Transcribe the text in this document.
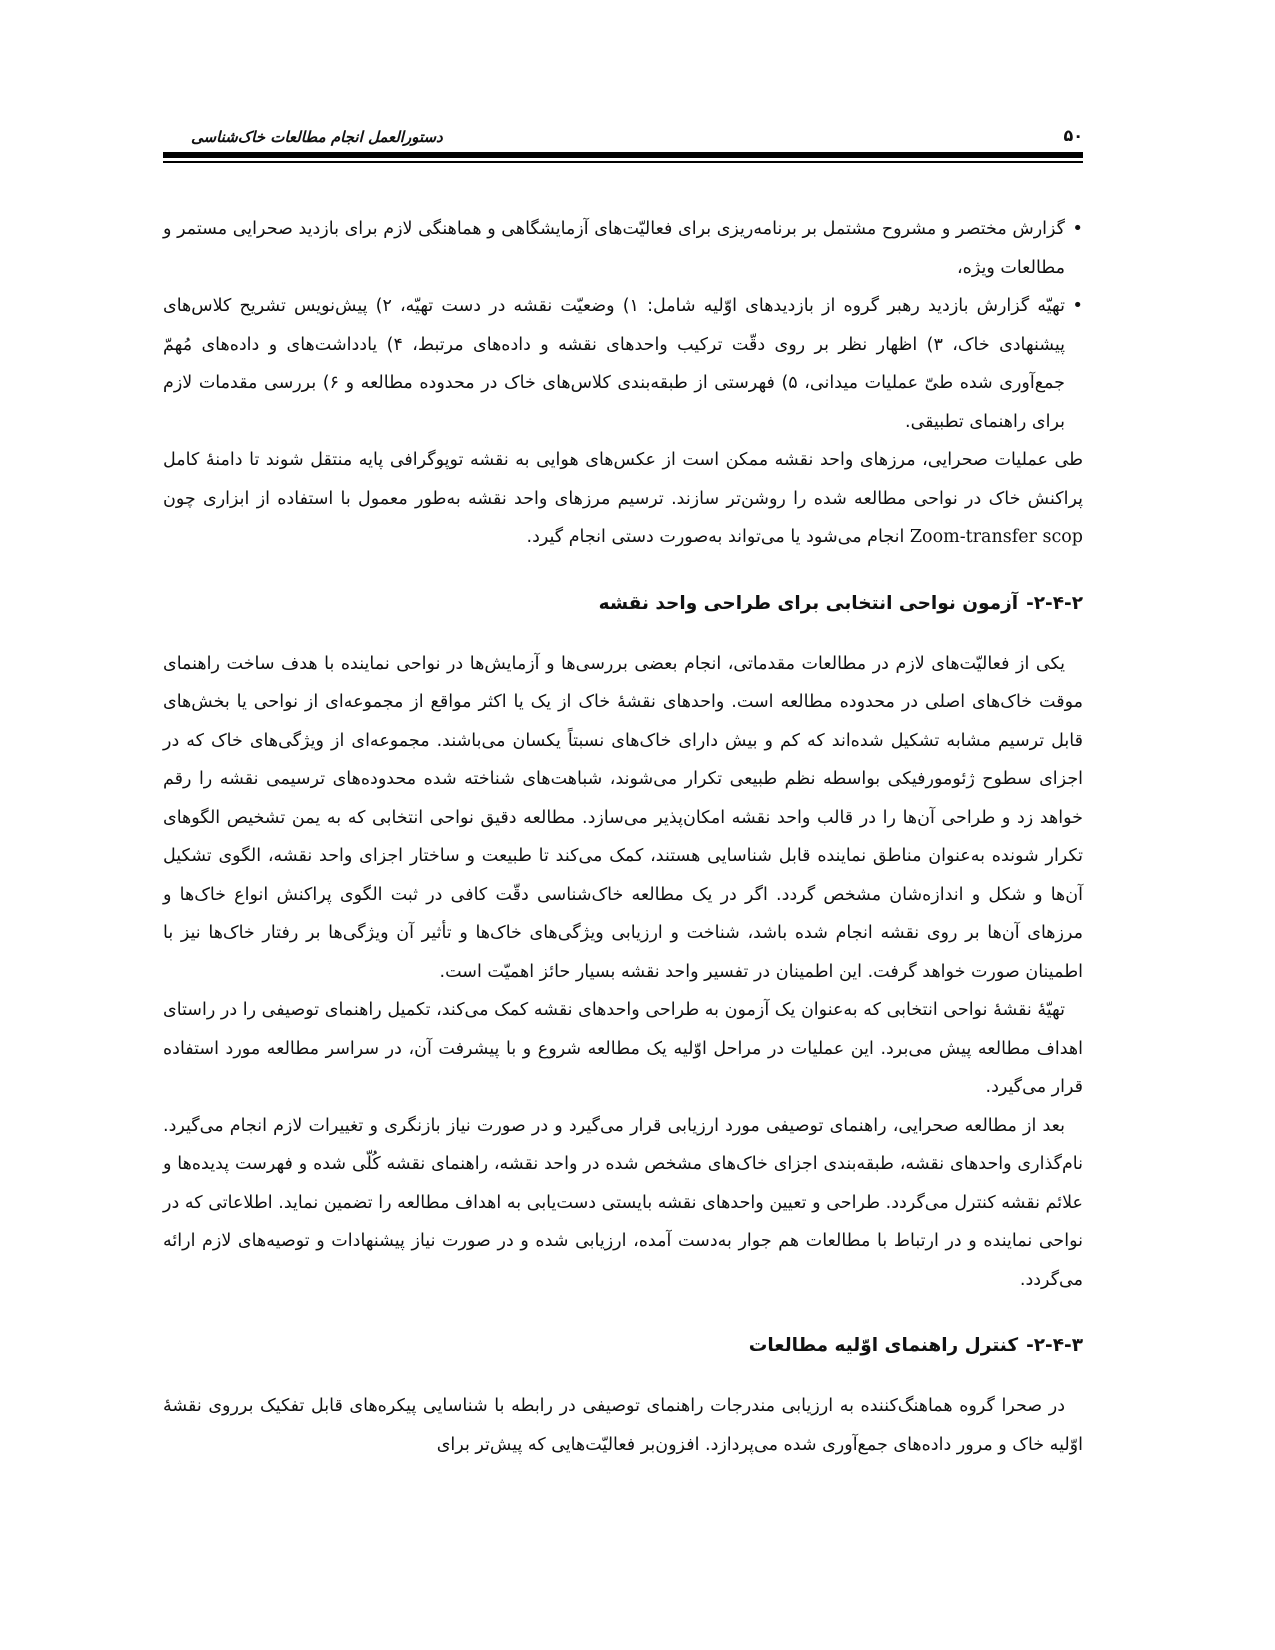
۵۰
دستورالعمل انجام مطالعات خاک‌شناسی
•
گزارش مختصر و مشروح مشتمل بر برنامه‌ریزی برای فعالیّت‌های آزمایشگاهی و هماهنگی لازم برای بازدید صحرایی مستمر و مطالعات ویژه،
•
تهیّه گزارش بازدید رهبر گروه از بازدیدهای اوّلیه شامل: ۱) وضعیّت نقشه در دست تهیّه، ۲) پیش‌نویس تشریح کلاس‌های پیشنهادی خاک، ۳) اظهار نظر بر روی دقّت ترکیب واحدهای نقشه و داده‌های مرتبط، ۴) یادداشت‌های و داده‌های مُهمّ جمع‌آوری شده طیّ عملیات میدانی، ۵) فهرستی از طبقه‌بندی کلاس‌های خاک در محدوده مطالعه و ۶) بررسی مقدمات لازم برای راهنمای تطبیقی.

طی عملیات صحرایی، مرزهای واحد نقشه ممکن است از عکس‌های هوایی به نقشه توپوگرافی پایه منتقل شوند تا دامنهٔ کامل پراکنش خاک در نواحی مطالعه شده را روشن‌تر سازند. ترسیم مرزهای واحد نقشه به‌طور معمول با استفاده از ابزاری چون Zoom-transfer scop انجام می‌شود یا می‌تواند به‌صورت دستی انجام گیرد.

۲-۴-۲-آزمون نواحی انتخابی برای طراحی واحد نقشه

یکی از فعالیّت‌های لازم در مطالعات مقدماتی، انجام بعضی بررسی‌ها و آزمایش‌ها در نواحی نماینده با هدف ساخت راهنمای موقت خاک‌های اصلی در محدوده مطالعه است. واحدهای نقشهٔ خاک از یک یا اکثر مواقع از مجموعه‌ای از نواحی یا بخش‌های قابل ترسیم مشابه تشکیل شده‌اند که کم و بیش دارای خاک‌های نسبتاً یکسان می‌باشند. مجموعه‌ای از ویژگی‌های خاک که در اجزای سطوح ژئومورفیکی بواسطه نظم طبیعی تکرار می‌شوند، شباهت‌های شناخته شده محدوده‌های ترسیمی نقشه را رقم خواهد زد و طراحی آن‌ها را در قالب واحد نقشه امکان‌پذیر می‌سازد. مطالعه دقیق نواحی انتخابی که به یمن تشخیص الگوهای تکرار شونده به‌عنوان مناطق نماینده قابل شناسایی هستند، کمک می‌کند تا طبیعت و ساختار اجزای واحد نقشه، الگوی تشکیل آن‌ها و شکل و اندازه‌شان مشخص گردد. اگر در یک مطالعه خاک‌شناسی دقّت کافی در ثبت الگوی پراکنش انواع خاک‌ها و مرزهای آن‌ها بر روی نقشه انجام شده باشد، شناخت و ارزیابی ویژگی‌های خاک‌ها و تأثیر آن ویژگی‌ها بر رفتار خاک‌ها نیز با اطمینان صورت خواهد گرفت. این اطمینان در تفسیر واحد نقشه بسیار حائز اهمیّت است.

تهیّهٔ نقشهٔ نواحی انتخابی که به‌عنوان یک آزمون به طراحی واحدهای نقشه کمک می‌کند، تکمیل راهنمای توصیفی را در راستای اهداف مطالعه پیش می‌برد. این عملیات در مراحل اوّلیه یک مطالعه شروع و با پیشرفت آن، در سراسر مطالعه مورد استفاده قرار می‌گیرد.

بعد از مطالعه صحرایی، راهنمای توصیفی مورد ارزیابی قرار می‌گیرد و در صورت نیاز بازنگری و تغییرات لازم انجام می‌گیرد. نام‌گذاری واحدهای نقشه، طبقه‌بندی اجزای خاک‌های مشخص شده در واحد نقشه، راهنمای نقشه کُلّی شده و فهرست پدیده‌ها و علائم نقشه کنترل می‌گردد. طراحی و تعیین واحدهای نقشه بایستی دست‌یابی به اهداف مطالعه را تضمین نماید. اطلاعاتی که در نواحی نماینده و در ارتباط با مطالعات هم جوار به‌دست آمده، ارزیابی شده و در صورت نیاز پیشنهادات و توصیه‌های لازم ارائه می‌گردد.

۲-۴-۳-کنترل راهنمای اوّلیه مطالعات

در صحرا گروه هماهنگ‌کننده به ارزیابی مندرجات راهنمای توصیفی در رابطه با شناسایی پیکره‌های قابل تفکیک برروی نقشهٔ اوّلیه خاک و مرور داده‌های جمع‌آوری شده می‌پردازد. افزون‌بر فعالیّت‌هایی که پیش‌تر برای
